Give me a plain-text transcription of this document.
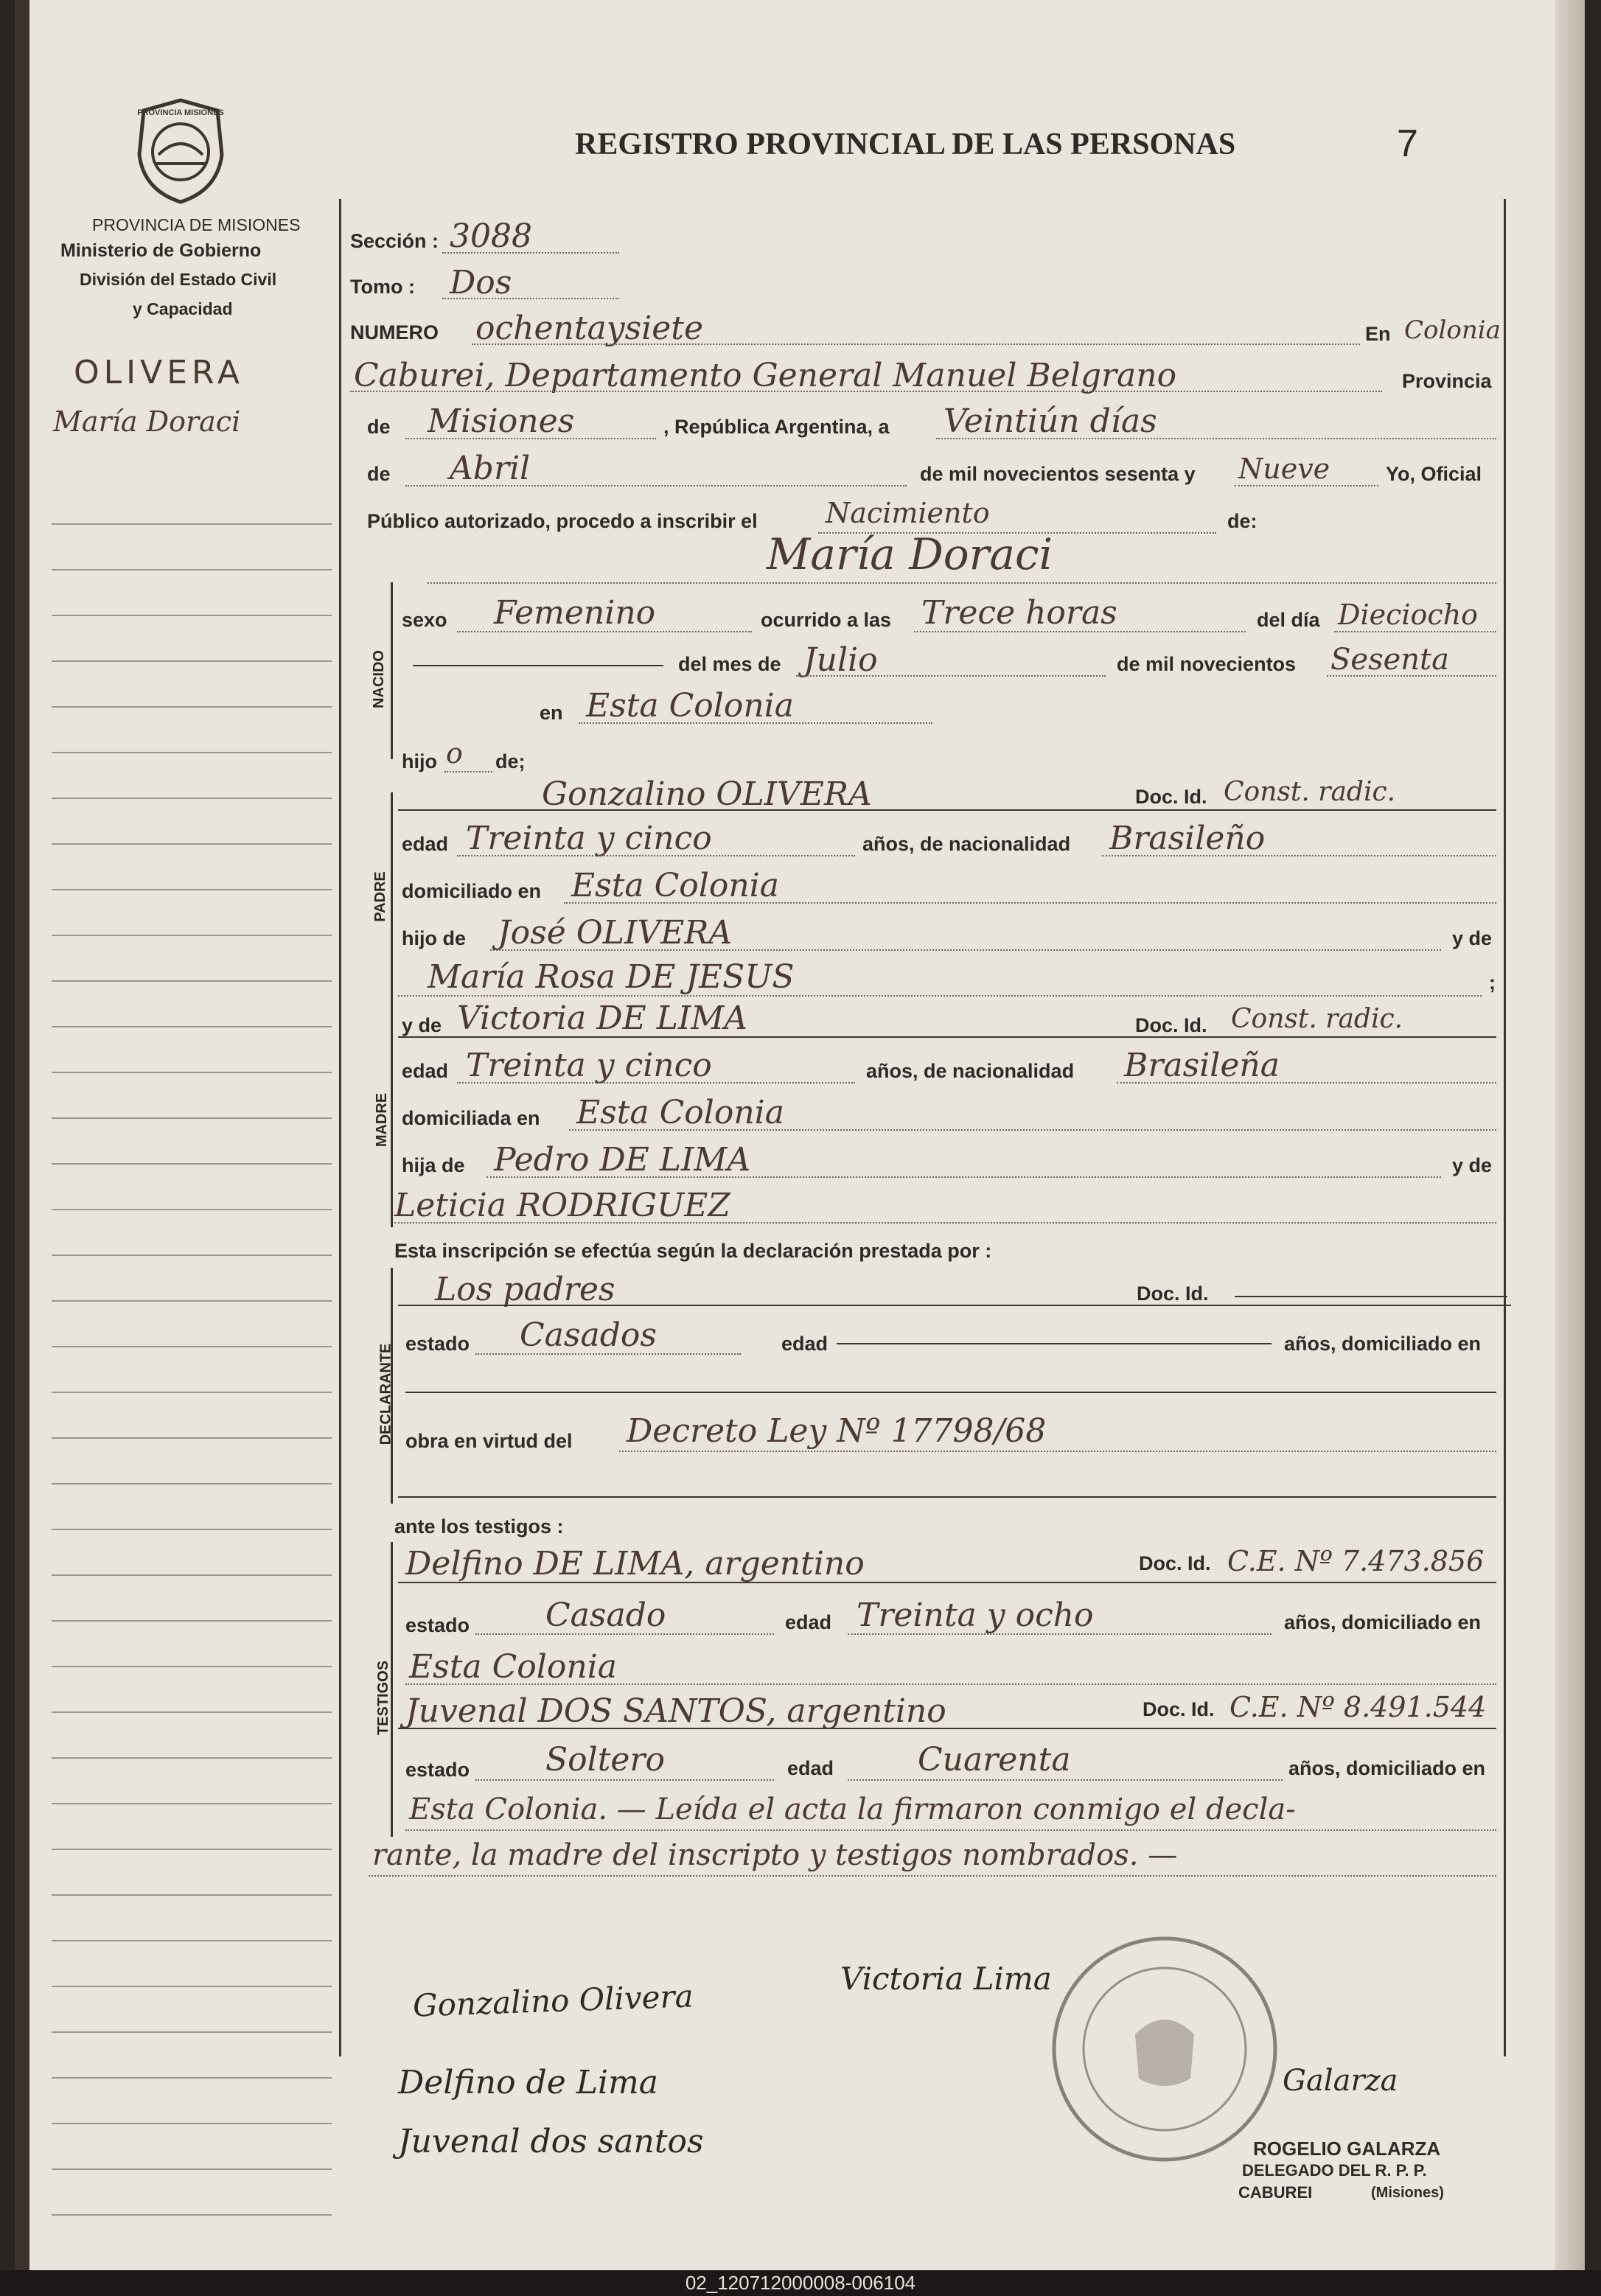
PROVINCIA MISIONES
PROVINCIA DE MISIONES
Ministerio de Gobierno
División del Estado Civil
y Capacidad
REGISTRO PROVINCIAL DE LAS PERSONAS	7
OLIVERA
María Doraci
Sección : 3088
Tomo : Dos
NUMERO ochentaysiete	En Colonia
Caburei, Departamento General Manuel Belgrano	Provincia
de Misiones	, República Argentina, a Veintiún días
de Abril	de mil novecientos sesenta y Nueve	Yo, Oficial
Público autorizado, procedo a inscribir el Nacimiento	de:
María Doraci
NACIDO
sexo Femenino	ocurrido a las Trece horas	del día Dieciocho
del mes de Julio	de mil novecientos Sesenta
en Esta Colonia
hijo o de;
PADRE
Gonzalino OLIVERA	Doc. Id. Const. radic.
edad Treinta y cinco	años, de nacionalidad Brasileño
domiciliado en Esta Colonia
hijo de José OLIVERA	y de
María Rosa DE JESUS	;
MADRE
y de Victoria DE LIMA	Doc. Id. Const. radic.
edad Treinta y cinco	años, de nacionalidad Brasileña
domiciliada en Esta Colonia
hija de Pedro DE LIMA	y de
Leticia RODRIGUEZ
Esta inscripción se efectúa según la declaración prestada por :
DECLARANTE
Los padres	Doc. Id.
estado Casados	edad	años, domiciliado en
obra en virtud del Decreto Ley Nº 17798/68
ante los testigos :
TESTIGOS
Delfino DE LIMA, argentino	Doc. Id. C.E. Nº 7.473.856
estado Casado	edad Treinta y ocho	años, domiciliado en
Esta Colonia
Juvenal DOS SANTOS, argentino	Doc. Id. C.E. Nº 8.491.544
estado Soltero	edad	Cuarenta	años, domiciliado en
Esta Colonia. — Leída el acta la firmaron conmigo el decla-
rante, la madre del inscripto y testigos nombrados. —
Gonzalino Olivera	Victoria Lima
Delfino de Lima
Juvenal dos santos
Galarza
ROGELIO GALARZA
DELEGADO DEL R. P. P.
CABUREI	(Misiones)
02_120712000008-006104
